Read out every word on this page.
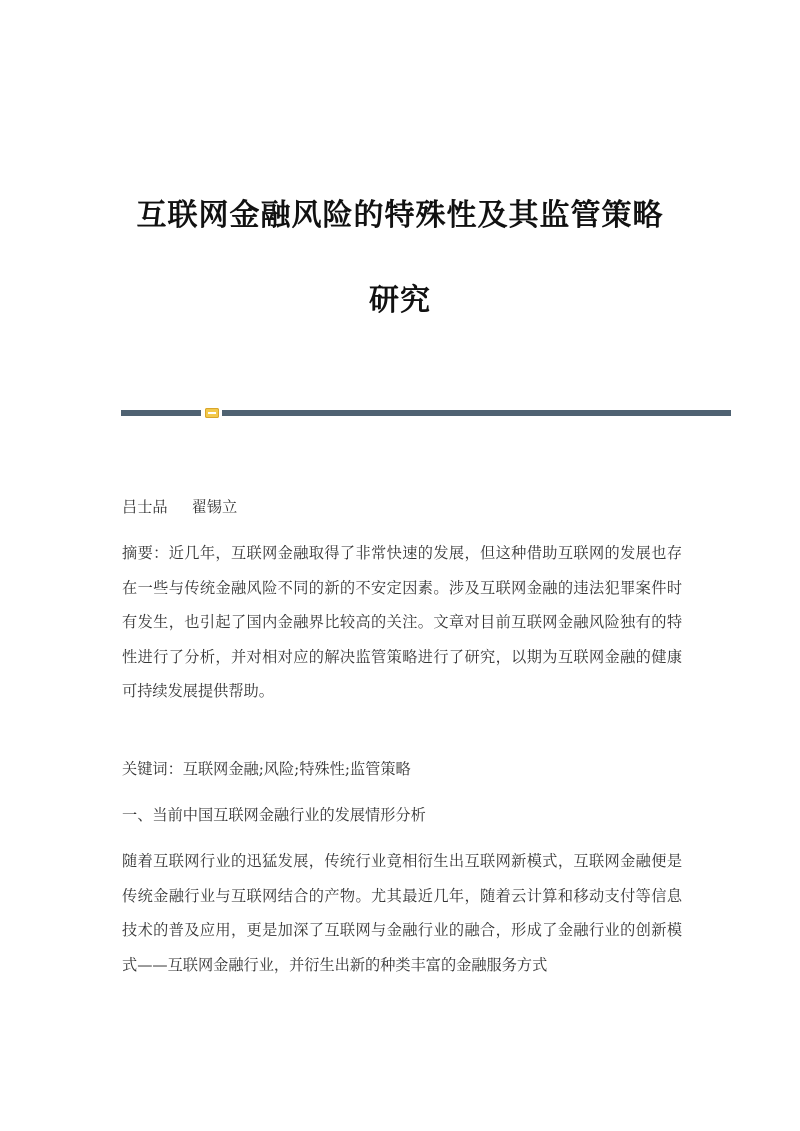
互联网金融风险的特殊性及其监管策略
研究
吕士品 翟锡立
摘要：近几年，互联网金融取得了非常快速的发展，但这种借助互联网的发展也存在一些与传统金融风险不同的新的不安定因素。涉及互联网金融的违法犯罪案件时有发生，也引起了国内金融界比较高的关注。文章对目前互联网金融风险独有的特性进行了分析，并对相对应的解决监管策略进行了研究，以期为互联网金融的健康可持续发展提供帮助。
关键词：互联网金融;风险;特殊性;监管策略
一、当前中国互联网金融行业的发展情形分析
随着互联网行业的迅猛发展，传统行业竟相衍生出互联网新模式，互联网金融便是传统金融行业与互联网结合的产物。尤其最近几年，随着云计算和移动支付等信息技术的普及应用，更是加深了互联网与金融行业的融合，形成了金融行业的创新模式——互联网金融行业，并衍生出新的种类丰富的金融服务方式
